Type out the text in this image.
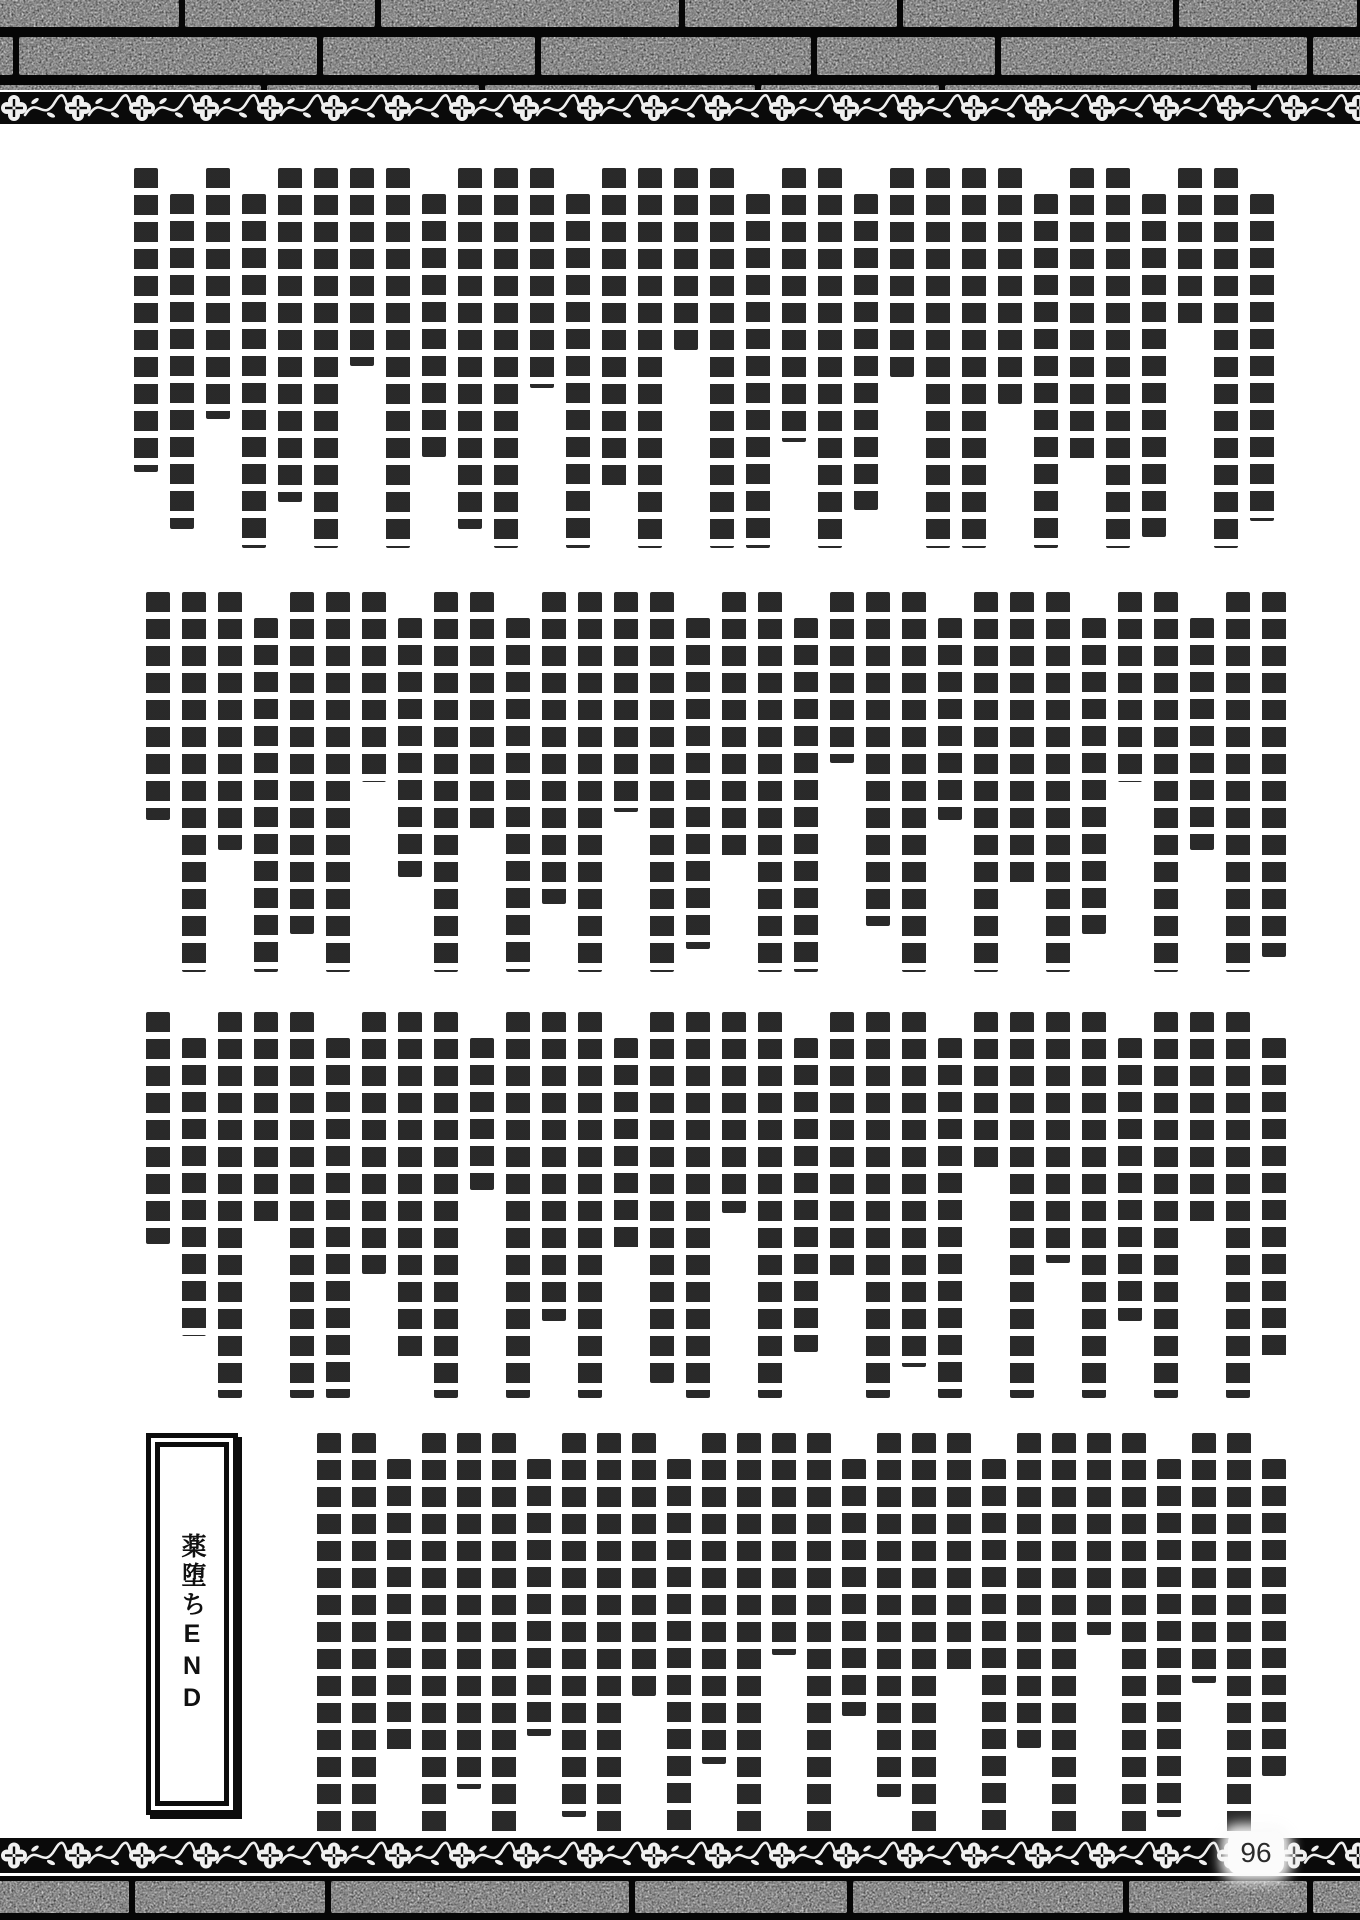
薬堕ちEND
96
